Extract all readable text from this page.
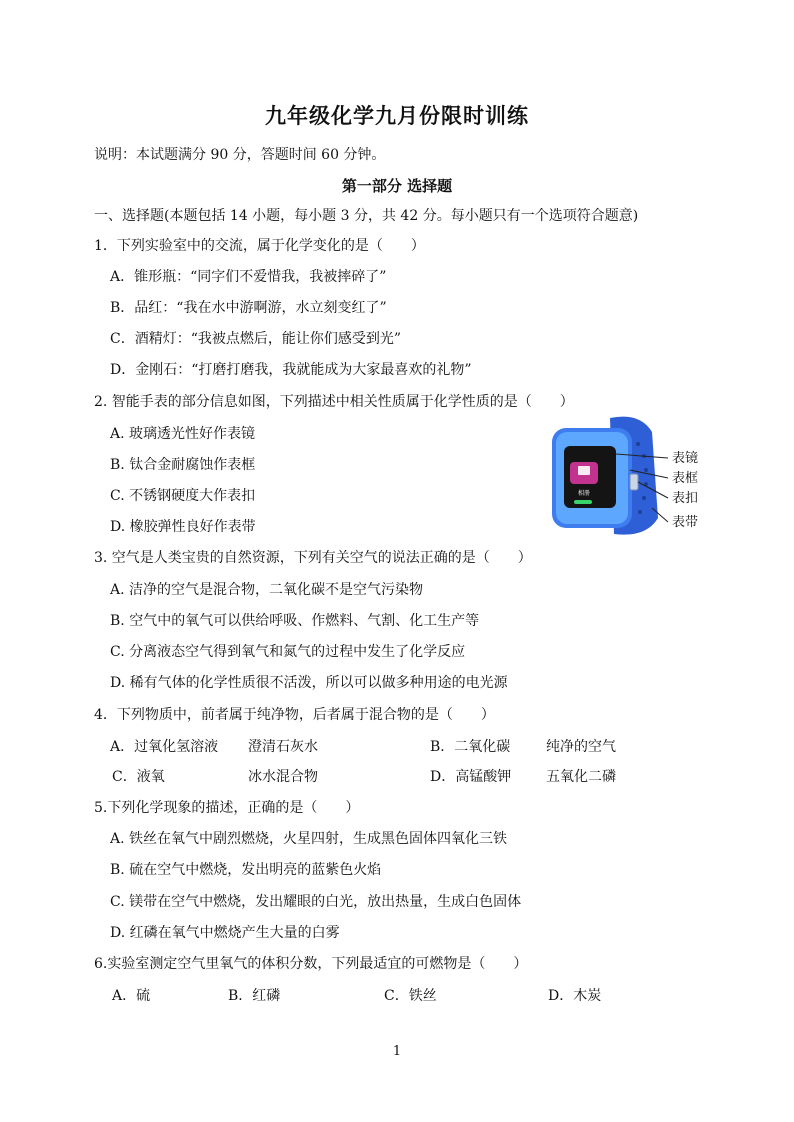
九年级化学九月份限时训练
说明：本试题满分 90 分，答题时间 60 分钟。
第一部分 选择题
一、选择题(本题包括 14 小题，每小题 3 分，共 42 分。每小题只有一个选项符合题意)
1．下列实验室中的交流，属于化学变化的是（　　）
A．锥形瓶：“同字们不爱惜我，我被摔碎了”
B．品红：“我在水中游啊游，水立刻变红了”
C．酒精灯：“我被点燃后，能让你们感受到光”
D．金刚石：“打磨打磨我，我就能成为大家最喜欢的礼物”
2. 智能手表的部分信息如图，下列描述中相关性质属于化学性质的是（　　）
A. 玻璃透光性好作表镜
B. 钛合金耐腐蚀作表框
C. 不锈钢硬度大作表扣
D. 橡胶弹性良好作表带
相册
表镜
表框
表扣
表带
3. 空气是人类宝贵的自然资源，下列有关空气的说法正确的是（　　）
A. 洁净的空气是混合物，二氧化碳不是空气污染物
B. 空气中的氧气可以供给呼吸、作燃料、气割、化工生产等
C. 分离液态空气得到氧气和氮气的过程中发生了化学反应
D. 稀有气体的化学性质很不活泼，所以可以做多种用途的电光源
4．下列物质中，前者属于纯净物，后者属于混合物的是（　　）
A．过氧化氢溶液 澄清石灰水	B．二氧化碳	纯净的空气
C．液氧	冰水混合物	D．高锰酸钾 五氧化二磷
5.下列化学现象的描述，正确的是（　　）
A. 铁丝在氧气中剧烈燃烧，火星四射，生成黑色固体四氧化三铁
B. 硫在空气中燃烧，发出明亮的蓝紫色火焰
C. 镁带在空气中燃烧，发出耀眼的白光，放出热量，生成白色固体
D. 红磷在氧气中燃烧产生大量的白雾
6.实验室测定空气里氧气的体积分数，下列最适宜的可燃物是（　　）
A．硫	B．红磷	C．铁丝	D．木炭
1
